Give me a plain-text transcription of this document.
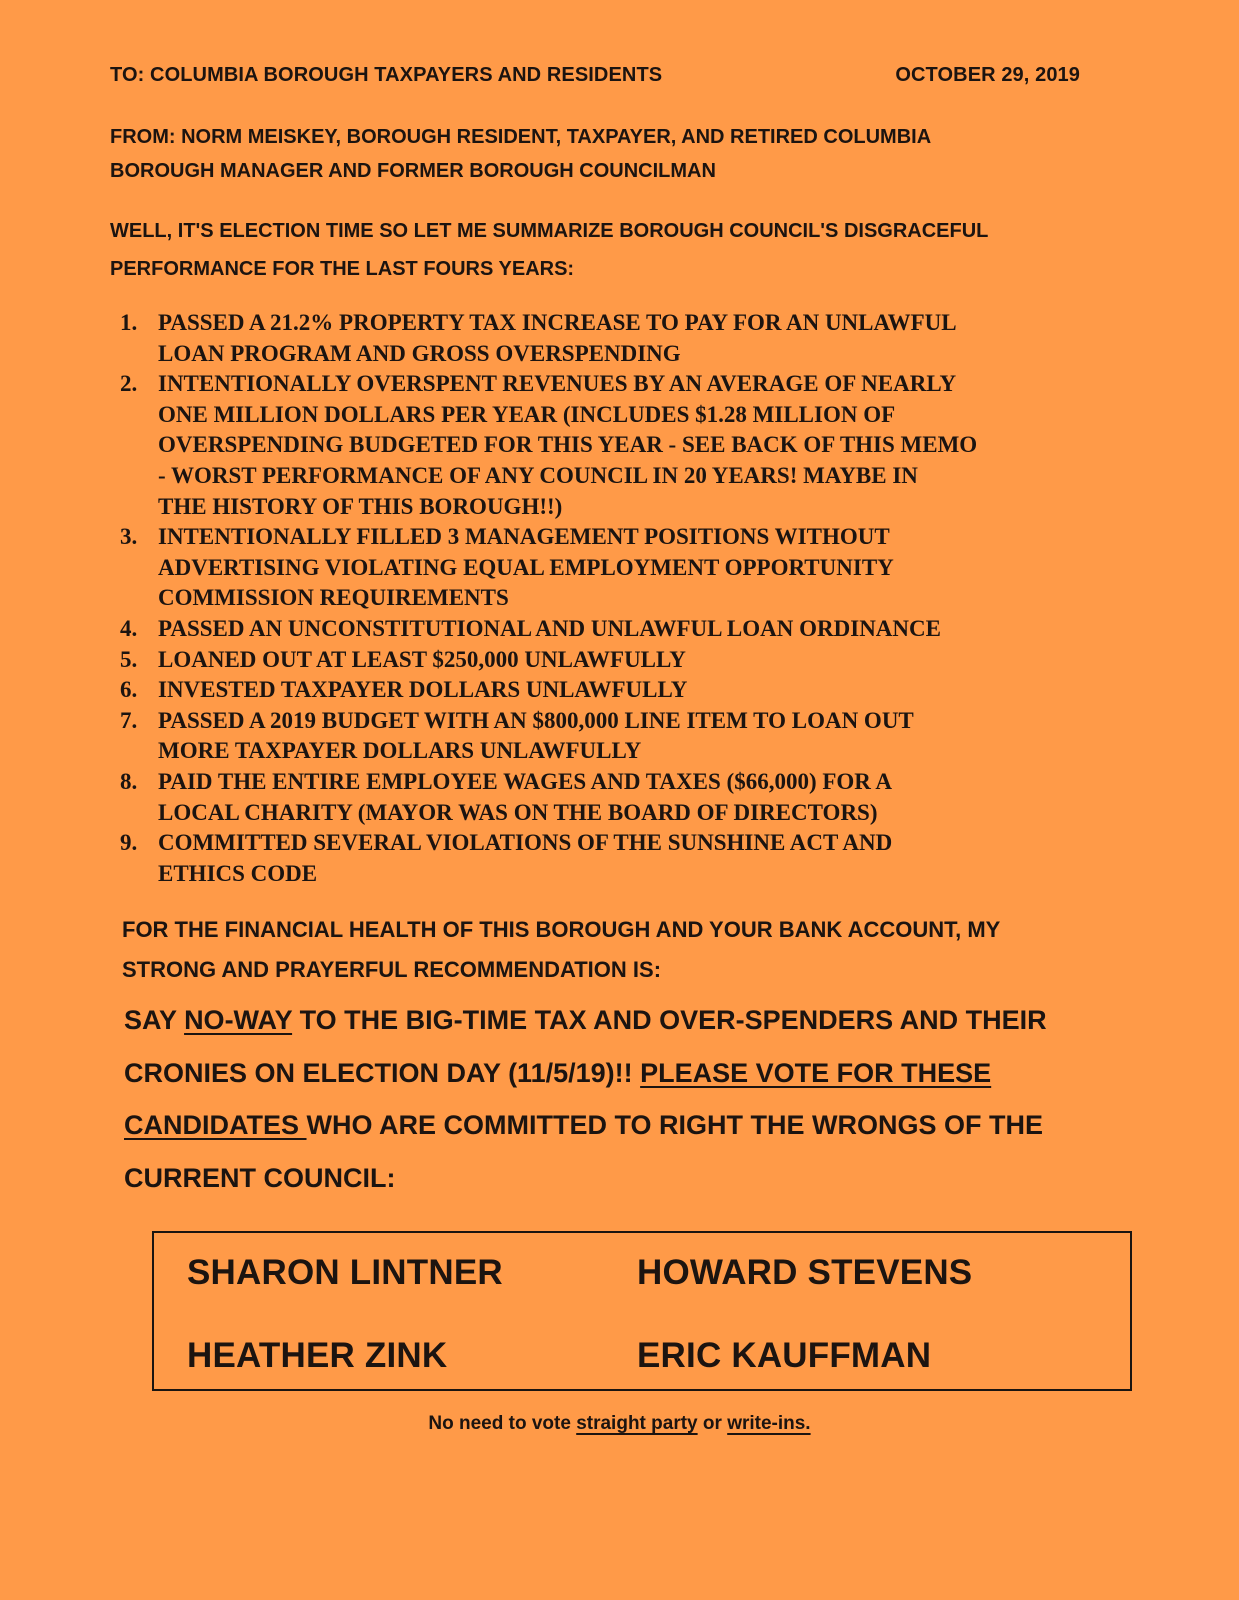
TO: COLUMBIA BOROUGH TAXPAYERS AND RESIDENTS	OCTOBER 29, 2019
FROM: NORM MEISKEY, BOROUGH RESIDENT, TAXPAYER, AND RETIRED COLUMBIA
BOROUGH MANAGER AND FORMER BOROUGH COUNCILMAN
WELL, IT'S ELECTION TIME SO LET ME SUMMARIZE BOROUGH COUNCIL'S DISGRACEFUL
PERFORMANCE FOR THE LAST FOURS YEARS:
1. PASSED A 21.2% PROPERTY TAX INCREASE TO PAY FOR AN UNLAWFUL
LOAN PROGRAM AND GROSS OVERSPENDING
2. INTENTIONALLY OVERSPENT REVENUES BY AN AVERAGE OF NEARLY
ONE MILLION DOLLARS PER YEAR (INCLUDES $1.28 MILLION OF
OVERSPENDING BUDGETED FOR THIS YEAR - SEE BACK OF THIS MEMO
- WORST PERFORMANCE OF ANY COUNCIL IN 20 YEARS! MAYBE IN
THE HISTORY OF THIS BOROUGH!!)
3. INTENTIONALLY FILLED 3 MANAGEMENT POSITIONS WITHOUT
ADVERTISING VIOLATING EQUAL EMPLOYMENT OPPORTUNITY
COMMISSION REQUIREMENTS
4. PASSED AN UNCONSTITUTIONAL AND UNLAWFUL LOAN ORDINANCE
5. LOANED OUT AT LEAST $250,000 UNLAWFULLY
6. INVESTED TAXPAYER DOLLARS UNLAWFULLY
7. PASSED A 2019 BUDGET WITH AN $800,000 LINE ITEM TO LOAN OUT
MORE TAXPAYER DOLLARS UNLAWFULLY
8. PAID THE ENTIRE EMPLOYEE WAGES AND TAXES ($66,000) FOR A
LOCAL CHARITY (MAYOR WAS ON THE BOARD OF DIRECTORS)
9. COMMITTED SEVERAL VIOLATIONS OF THE SUNSHINE ACT AND
ETHICS CODE
FOR THE FINANCIAL HEALTH OF THIS BOROUGH AND YOUR BANK ACCOUNT, MY
STRONG AND PRAYERFUL RECOMMENDATION IS:
SAY NO-WAY TO THE BIG-TIME TAX AND OVER-SPENDERS AND THEIR
CRONIES ON ELECTION DAY (11/5/19)!! PLEASE VOTE FOR THESE
CANDIDATES WHO ARE COMMITTED TO RIGHT THE WRONGS OF THE
CURRENT COUNCIL:
SHARON LINTNER	HOWARD STEVENS
HEATHER ZINK	ERIC KAUFFMAN
No need to vote straight party or write-ins.
